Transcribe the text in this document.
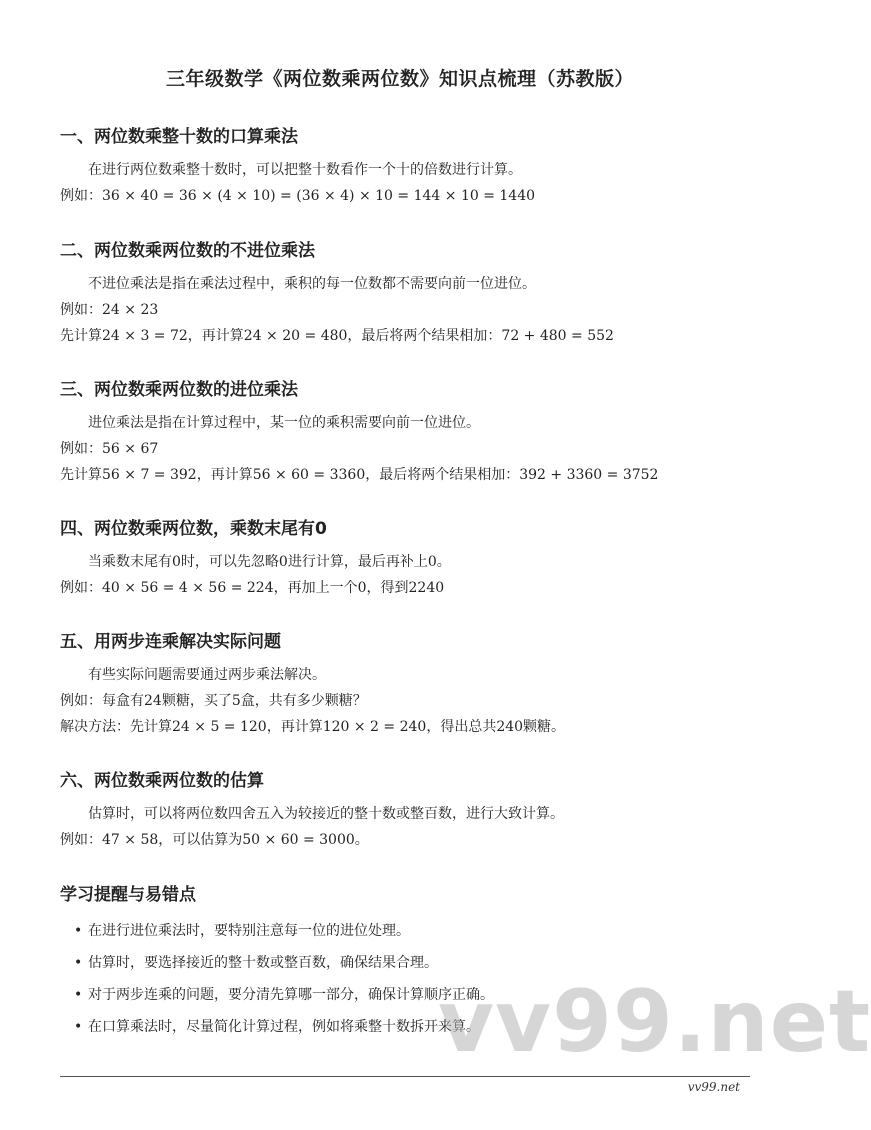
三年级数学《两位数乘两位数》知识点梳理（苏教版）
一、两位数乘整十数的口算乘法

在进行两位数乘整十数时，可以把整十数看作一个十的倍数进行计算。

例如：36 × 40 = 36 × (4 × 10) = (36 × 4) × 10 = 144 × 10 = 1440

二、两位数乘两位数的不进位乘法

不进位乘法是指在乘法过程中，乘积的每一位数都不需要向前一位进位。

例如：24 × 23

先计算24 × 3 = 72，再计算24 × 20 = 480，最后将两个结果相加：72 + 480 = 552

三、两位数乘两位数的进位乘法

进位乘法是指在计算过程中，某一位的乘积需要向前一位进位。

例如：56 × 67

先计算56 × 7 = 392，再计算56 × 60 = 3360，最后将两个结果相加：392 + 3360 = 3752

四、两位数乘两位数，乘数末尾有0

当乘数末尾有0时，可以先忽略0进行计算，最后再补上0。

例如：40 × 56 = 4 × 56 = 224，再加上一个0，得到2240

五、用两步连乘解决实际问题

有些实际问题需要通过两步乘法解决。

例如：每盒有24颗糖，买了5盒，共有多少颗糖？

解决方法：先计算24 × 5 = 120，再计算120 × 2 = 240，得出总共240颗糖。

六、两位数乘两位数的估算

估算时，可以将两位数四舍五入为较接近的整十数或整百数，进行大致计算。

例如：47 × 58，可以估算为50 × 60 = 3000。

学习提醒与易错点
• 在进行进位乘法时，要特别注意每一位的进位处理。
• 估算时，要选择接近的整十数或整百数，确保结果合理。
• 对于两步连乘的问题，要分清先算哪一部分，确保计算顺序正确。
• 在口算乘法时，尽量简化计算过程，例如将乘整十数拆开来算。
vv99.net
vv99.net
